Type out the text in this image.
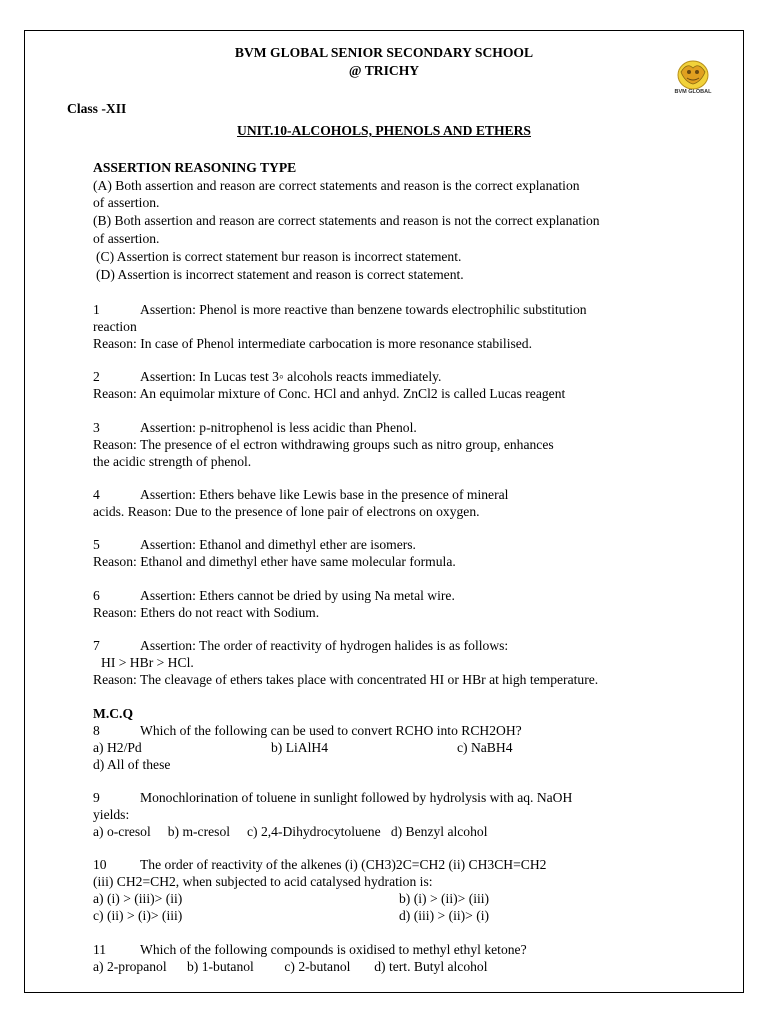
BVM GLOBAL SENIOR SECONDARY SCHOOL
@ TRICHY
BVM GLOBAL
Class -XII
UNIT.10-ALCOHOLS, PHENOLS AND ETHERS
ASSERTION REASONING TYPE
(A) Both assertion and reason are correct statements and reason is the correct explanation
of assertion.
(B) Both assertion and reason are correct statements and reason is not the correct explanation
of assertion.
(C) Assertion is correct statement bur reason is incorrect statement.
(D) Assertion is incorrect statement and reason is correct statement.
1	Assertion: Phenol is more reactive than benzene towards electrophilic substitution
reaction
Reason: In case of Phenol intermediate carbocation is more resonance stabilised.
2	Assertion: In Lucas test 3◦ alcohols reacts immediately.
Reason: An equimolar mixture of Conc. HCl and anhyd. ZnCl2 is called Lucas reagent
3	Assertion: p-nitrophenol is less acidic than Phenol.
Reason: The presence of el ectron withdrawing groups such as nitro group, enhances
the acidic strength of phenol.
4	Assertion: Ethers behave like Lewis base in the presence of mineral
acids. Reason: Due to the presence of lone pair of electrons on oxygen.
5	Assertion: Ethanol and dimethyl ether are isomers.
Reason: Ethanol and dimethyl ether have same molecular formula.
6	Assertion: Ethers cannot be dried by using Na metal wire.
Reason: Ethers do not react with Sodium.
7	Assertion: The order of reactivity of hydrogen halides is as follows:
HI > HBr > HCl.
Reason: The cleavage of ethers takes place with concentrated HI or HBr at high temperature.
M.C.Q
8	Which of the following can be used to convert RCHO into RCH2OH?
a) H2/Pd	b) LiAlH4	c) NaBH4
d) All of these
9	Monochlorination of toluene in sunlight followed by hydrolysis with aq. NaOH
yields:
a) o-cresol     b) m-cresol     c) 2,4-Dihydrocytoluene   d) Benzyl alcohol
10 The order of reactivity of the alkenes (i) (CH3)2C=CH2 (ii) CH3CH=CH2
(iii) CH2=CH2, when subjected to acid catalysed hydration is:
a) (i) > (iii)> (ii)	b) (i) > (ii)> (iii)
c) (ii) > (i)> (iii)	d) (iii) > (ii)> (i)
11 Which of the following compounds is oxidised to methyl ethyl ketone?
a) 2-propanol      b) 1-butanol         c) 2-butanol       d) tert. Butyl alcohol
